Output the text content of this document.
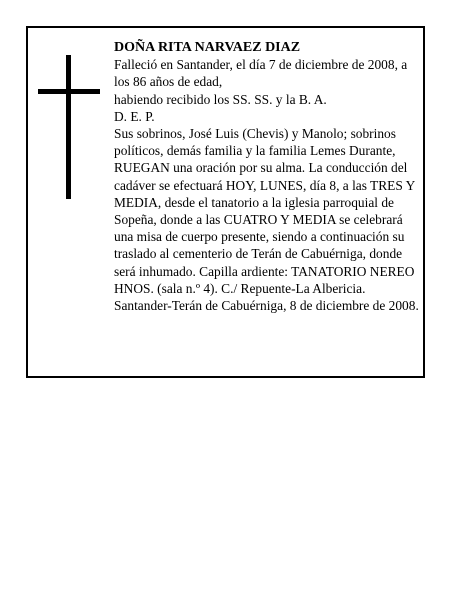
DOÑA RITA NARVAEZ DIAZ

Falleció en Santander, el día 7 de diciembre de 2008, a los 86 años de edad,

habiendo recibido los SS. SS. y la B. A.

D. E. P.

Sus sobrinos, José Luis (Chevis) y Manolo; sobrinos políticos, demás familia y la familia Lemes Durante, RUEGAN una oración por su alma. La conducción del cadáver se efectuará HOY, LUNES, día 8, a las TRES Y MEDIA, desde el tanatorio a la iglesia parroquial de Sopeña, donde a las CUATRO Y MEDIA se celebrará una misa de cuerpo presente, siendo a continuación su traslado al cementerio de Terán de Cabuérniga, donde será inhumado. Capilla ardiente: TANATORIO NEREO HNOS. (sala n.º 4). C./ Repuente-La Albericia.

Santander-Terán de Cabuérniga, 8 de diciembre de 2008.
